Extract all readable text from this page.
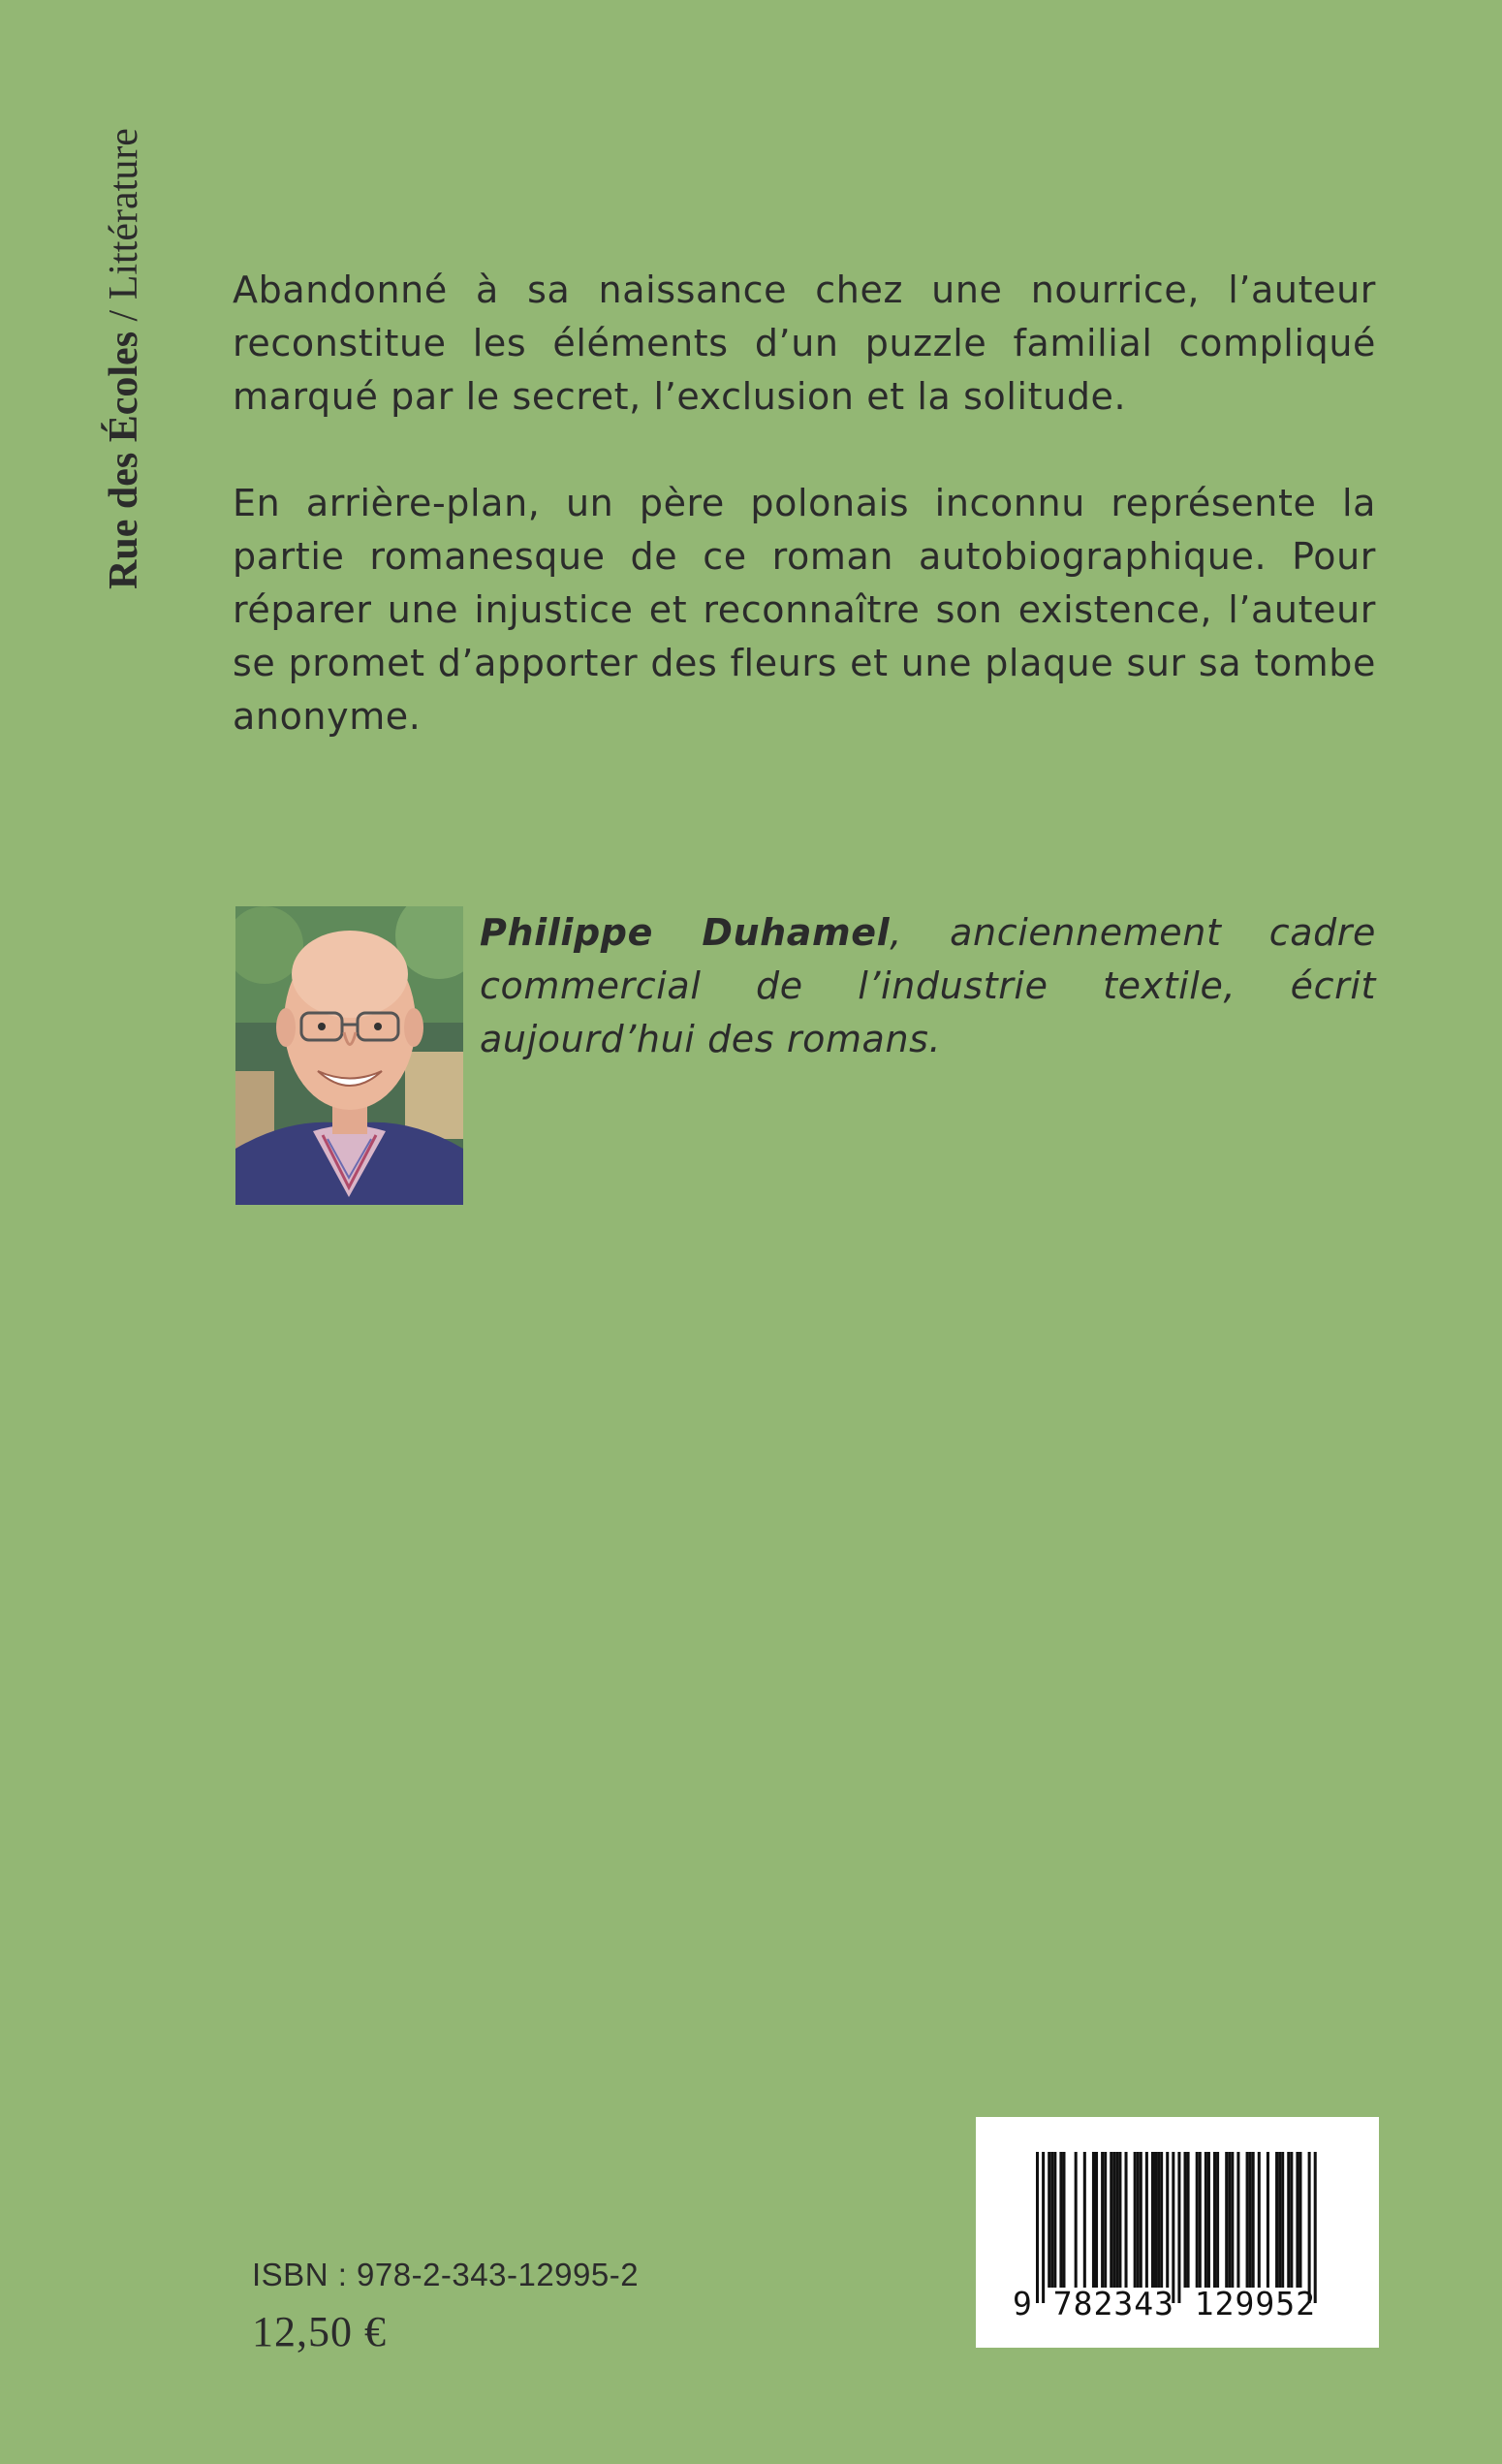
Rue des Écoles / Littérature Abandonné à sa naissance chez une nourrice, l’auteur reconstitue les éléments d’un puzzle familial compliqué marqué par le secret, l’exclusion et la solitude.

En arrière-plan, un père polonais inconnu représente la partie romanesque de ce roman autobiographique. Pour réparer une injustice et reconnaître son existence, l’auteur se promet d’apporter des fleurs et une plaque sur sa tombe anonyme.

Philippe Duhamel, anciennement cadre commercial de l’industrie textile, écrit aujourd’hui des romans.
9 782343 129952
ISBN : 978-2-343-12995-2
12,50 €
